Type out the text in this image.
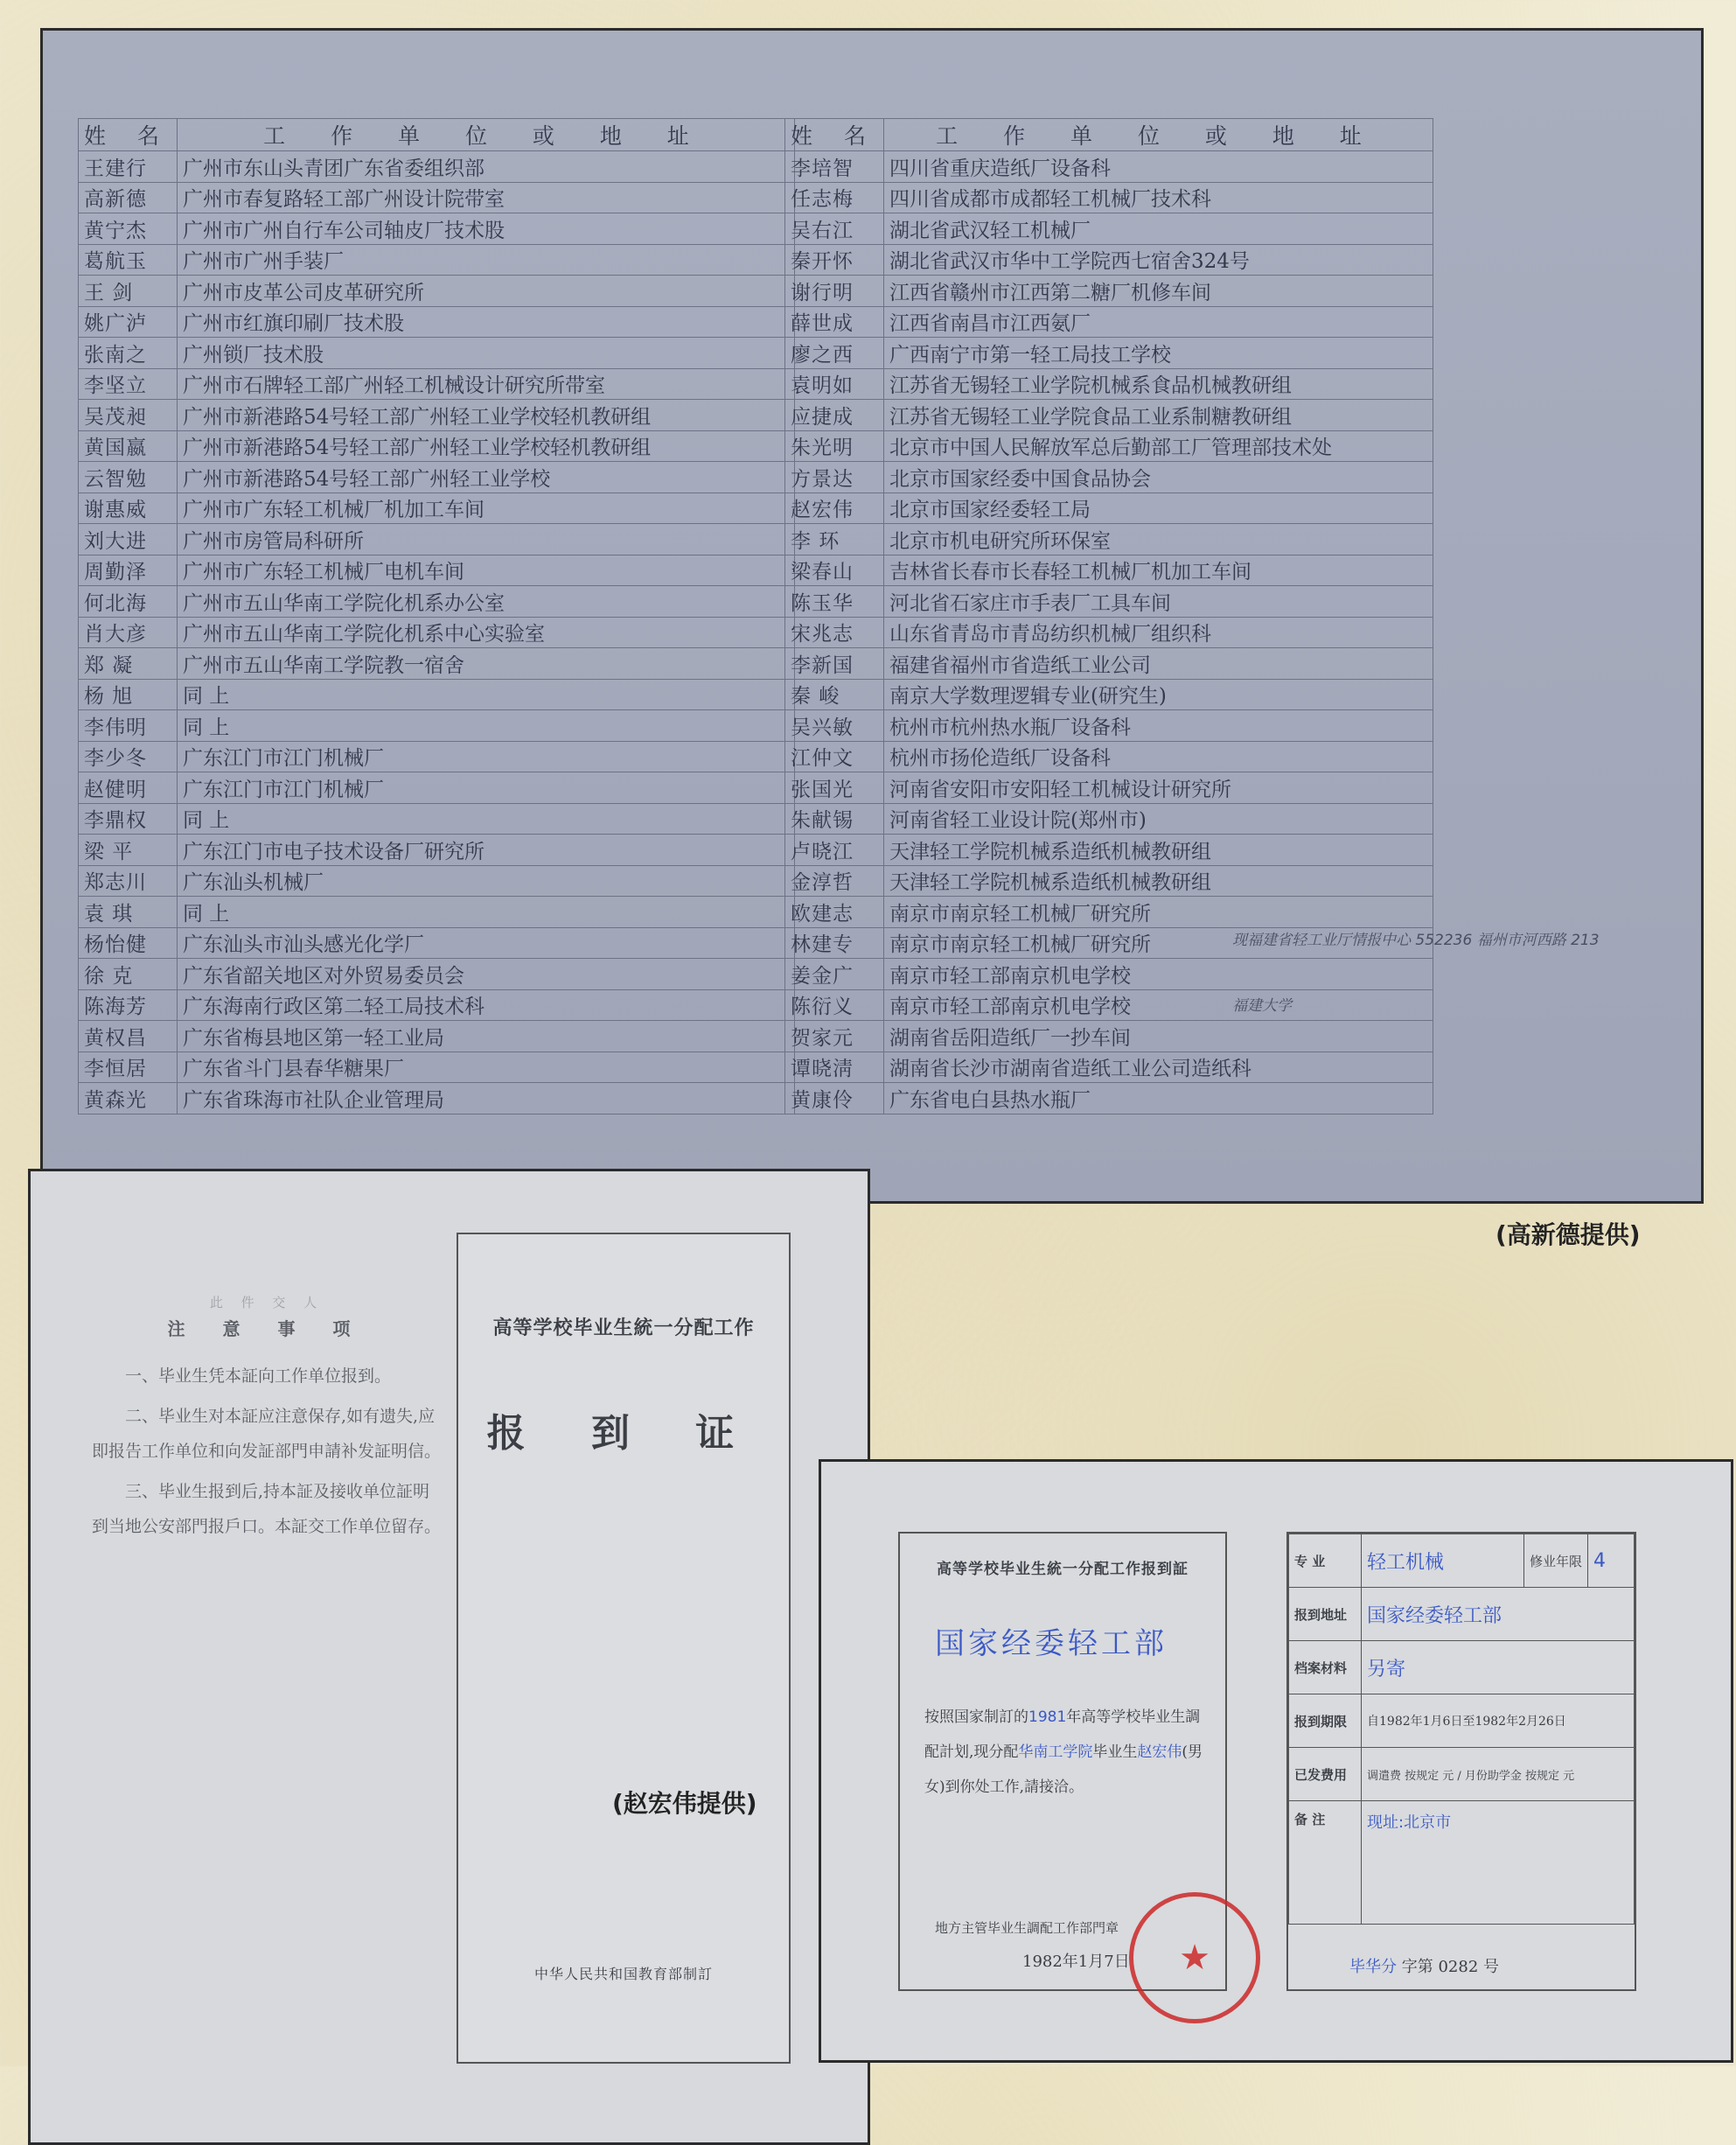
姓 名	工 作 单 位 或 地 址
王建行	广州市东山头青团广东省委组织部
高新德	广州市春复路轻工部广州设计院带室
黄宁杰	广州市广州自行车公司轴皮厂技术股
葛航玉	广州市广州手装厂
王 剑	广州市皮革公司皮革研究所
姚广泸	广州市红旗印刷厂技术股
张南之	广州锁厂技术股
李坚立	广州市石牌轻工部广州轻工机械设计研究所带室
吴茂昶	广州市新港路54号轻工部广州轻工业学校轻机教研组
黄国嬴	广州市新港路54号轻工部广州轻工业学校轻机教研组
云智勉	广州市新港路54号轻工部广州轻工业学校
谢惠威	广州市广东轻工机械厂机加工车间
刘大进	广州市房管局科研所
周勤泽	广州市广东轻工机械厂电机车间
何北海	广州市五山华南工学院化机系办公室
肖大彦	广州市五山华南工学院化机系中心实验室
郑 凝	广州市五山华南工学院教一宿舍
杨 旭	同 上
李伟明	同 上
李少冬	广东江门市江门机械厂
赵健明	广东江门市江门机械厂
李鼎权	同 上
梁 平	广东江门市电子技术设备厂研究所
郑志川	广东汕头机械厂
袁 琪	同 上
杨怡健	广东汕头市汕头感光化学厂
徐 克	广东省韶关地区对外贸易委员会
陈海芳	广东海南行政区第二轻工局技术科
黄权昌	广东省梅县地区第一轻工业局
李恒居	广东省斗门县春华糖果厂
黄森光	广东省珠海市社队企业管理局
姓 名	工 作 单 位 或 地 址
李培智	四川省重庆造纸厂设备科
任志梅	四川省成都市成都轻工机械厂技术科
吴右江	湖北省武汉轻工机械厂
秦开怀	湖北省武汉市华中工学院西七宿舍324号
谢行明	江西省赣州市江西第二糖厂机修车间
薛世成	江西省南昌市江西氨厂
廖之西	广西南宁市第一轻工局技工学校
袁明如	江苏省无锡轻工业学院机械系食品机械教研组
应捷成	江苏省无锡轻工业学院食品工业系制糖教研组
朱光明	北京市中国人民解放军总后勤部工厂管理部技术处
方景达	北京市国家经委中国食品协会
赵宏伟	北京市国家经委轻工局
李 环	北京市机电研究所环保室
梁春山	吉林省长春市长春轻工机械厂机加工车间
陈玉华	河北省石家庄市手表厂工具车间
宋兆志	山东省青岛市青岛纺织机械厂组织科
李新国	福建省福州市省造纸工业公司
秦 峻	南京大学数理逻辑专业(研究生)
吴兴敏	杭州市杭州热水瓶厂设备科
江仲文	杭州市扬伦造纸厂设备科
张国光	河南省安阳市安阳轻工机械设计研究所
朱献锡	河南省轻工业设计院(郑州市)
卢晓江	天津轻工学院机械系造纸机械教研组
金淳哲	天津轻工学院机械系造纸机械教研组
欧建志	南京市南京轻工机械厂研究所
林建专	南京市南京轻工机械厂研究所
姜金广	南京市轻工部南京机电学校
陈衍义	南京市轻工部南京机电学校
贺家元	湖南省岳阳造纸厂一抄车间
谭晓淸	湖南省长沙市湖南省造纸工业公司造纸科
黄康伶	广东省电白县热水瓶厂
现福建省轻工业厅情报中心 552236 福州市河西路 213
福建大学
(高新德提供)
此 件 交 人
注 意 事 项

一、毕业生凭本証向工作单位报到。

二、毕业生对本証应注意保存,如有遗失,应即报告工作单位和向发証部門申請补发証明信。

三、毕业生报到后,持本証及接收单位証明到当地公安部門报戶口。本証交工作单位留存。

高等学校毕业生統一分配工作
报 到 证
中华人民共和国教育部制訂
(赵宏伟提供)
高等学校毕业生統一分配工作报到証
国家经委轻工部
按照国家制訂的1981年高等学校毕业生調配計划,现分配华南工学院毕业生赵宏伟(男女)到你处工作,請接洽。
地方主管毕业生調配工作部門章
1982年1月7日 ★
专 业	轻工机械	修业年限	4
报到地址	国家经委轻工部		
档案材料	另寄		
报到期限	自1982年1月6日至1982年2月26日		
已发费用	调遣费 按规定 元 / 月份助学金 按规定 元		
备 注	现址:北京市		
毕华分 字第 0282 号
